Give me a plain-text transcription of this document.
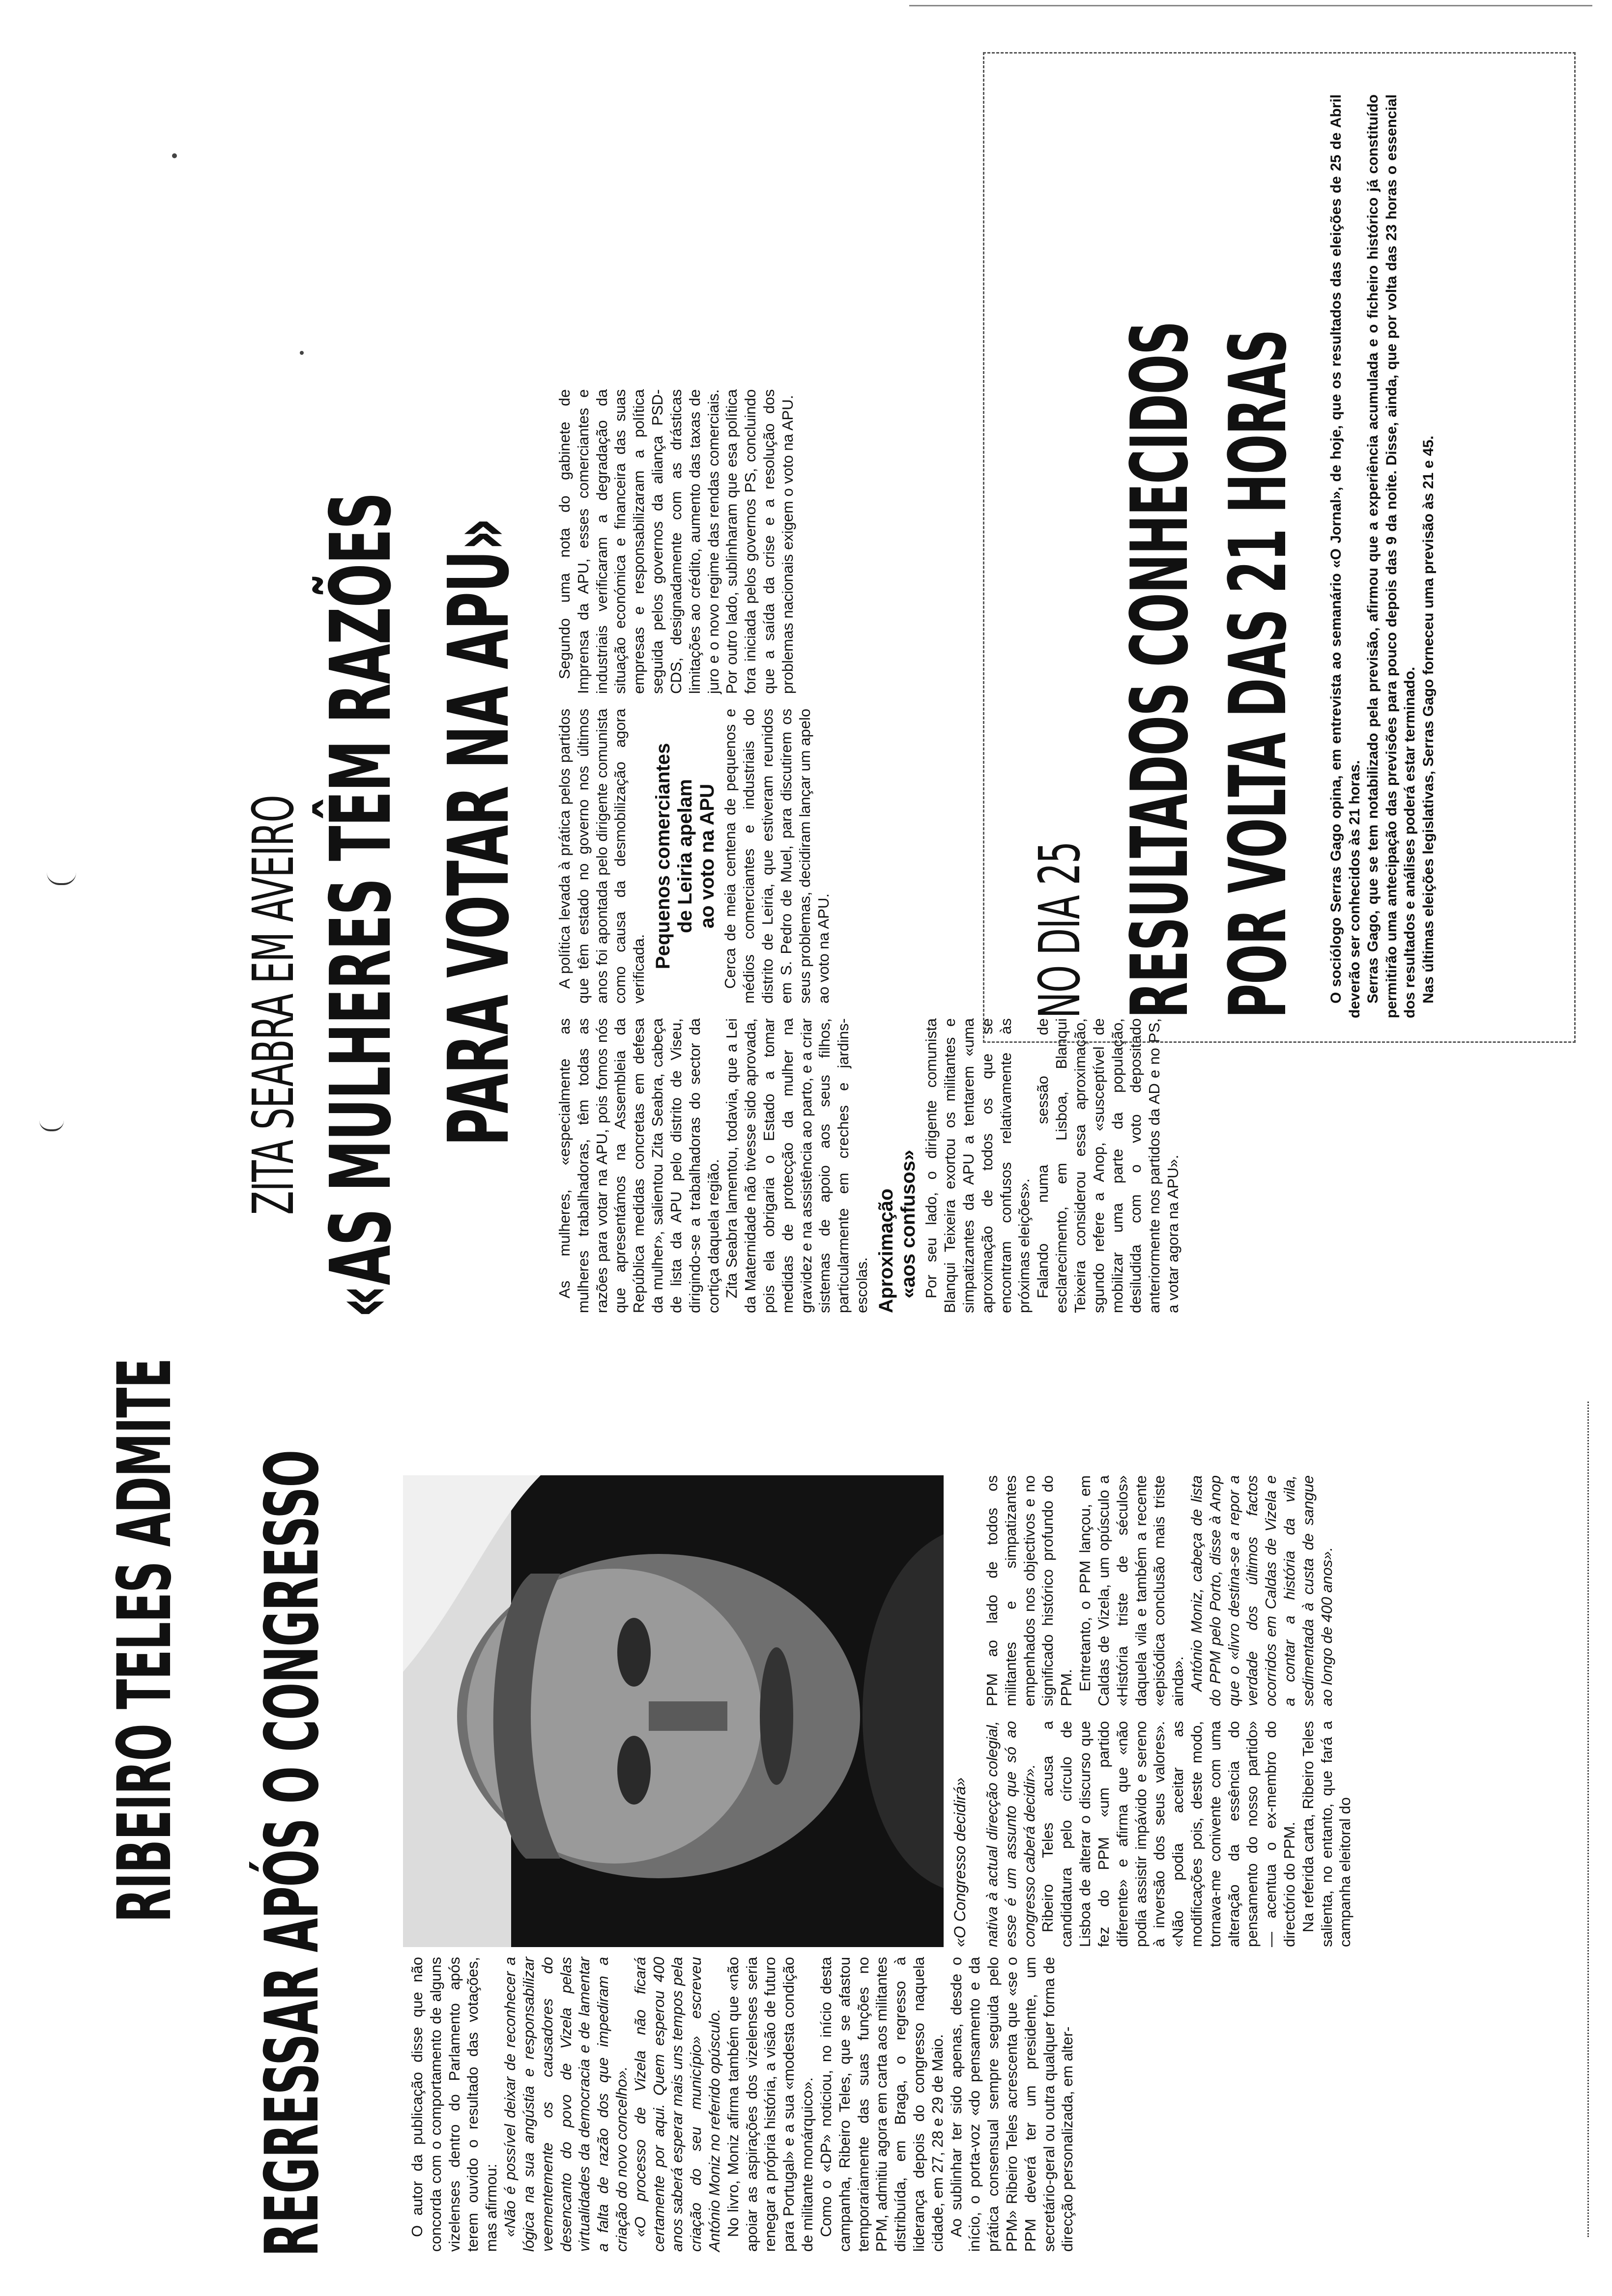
RIBEIRO TELES ADMITE REGRESSAR APÓS O CONGRESSO	«O Congresso decidirá»

O autor da publicação disse que não concorda com o comportamento de alguns vizelenses dentro do Parlamento após terem ouvido o resultado das votações, mas afirmou: «Não é possível deixar de reconhecer a lógica na sua angústia e responsabilizar veementemente os causadores do desencanto do povo de Vizela pelas virtualidades da democracia e de lamentar a falta de razão dos que impediram a criação do novo concelho». «O processo de Vizela não ficará certamente por aqui. Quem esperou 400 anos saberá esperar mais uns tempos pela criação do seu município» escreveu António Moniz no referido opúsculo. No livro, Moniz afirma também que «não apoiar as aspirações dos vizelenses seria renegar a própria história, a visão de futuro para Portugal» e a sua «modesta condição de militante monárquico». Como o «DP» noticiou, no início desta campanha, Ribeiro Teles, que se afastou temporariamente das suas funções no PPM, admitiu agora em carta aos militantes distribuída, em Braga, o regresso à liderança depois do congresso naquela cidade, em 27, 28 e 29 de Maio. Ao sublinhar ter sido apenas, desde o início, o porta-voz «do pensamento e da prática consensual sempre seguida pelo PPM» Ribeiro Teles acrescenta que «se o PPM deverá ter um presidente, um secretário-geral ou outra qualquer forma de direcção personalizada, em alter-

nativa à actual direcção colegial, esse é um assunto que só ao congresso caberá decidir». Ribeiro Teles acusa a candidatura pelo círculo de Lisboa de alterar o discurso que fez do PPM «um partido diferente» e afirma que «não podia assistir impávido e sereno à inversão dos seus valores». «Não podia aceitar as modificações pois, deste modo, tornava-me conivente com uma alteração da essência do pensamento do nosso partido» — acentua o ex-membro do directório do PPM. Na referida carta, Ribeiro Teles salienta, no entanto, que fará a campanha eleitoral do

PPM ao lado de todos os militantes e simpatizantes empenhados nos objectivos e no significado histórico profundo do PPM. Entretanto, o PPM lançou, em Caldas de Vizela, um opúsculo a «História triste de séculos» daquela vila e também a recente «episódica conclusão mais triste ainda». António Moniz, cabeça de lista do PPM pelo Porto, disse à Anop que o «livro destina-se a repor a verdade dos últimos factos ocorridos em Caldas de Vizela e a contar a história da vila, sedimentada à custa de sangue ao longo de 400 anos».

ZITA SEABRA EM AVEIRO «AS MULHERES TÊM RAZÕES PARA VOTAR NA APU»

As mulheres, «especialmente as mulheres trabalhadoras, têm todas as razões para votar na APU, pois fomos nós que apresentámos na Assembleia da República medidas concretas em defesa da mulher», salientou Zita Seabra, cabeça de lista da APU pelo distrito de Viseu, dirigindo-se a trabalhadoras do sector da cortiça daquela região. Zita Seabra lamentou, todavia, que a Lei da Maternidade não tivesse sido aprovada, pois ela obrigaria o Estado a tomar medidas de protecção da mulher na gravidez e na assistência ao parto, e a criar sistemas de apoio aos seus filhos, particularmente em creches e jardins-escolas. Aproximação «aos confusos» Por seu lado, o dirigente comunista Blanqui Teixeira exortou os militantes e simpatizantes da APU a tentarem «uma aproximação de todos os que se encontram confusos relativamente às próximas eleições». Falando numa sessão de esclarecimento, em Lisboa, Blanqui Teixeira considerou essa aproximação, sgundo refere a Anop, «susceptível de mobilizar uma parte da população, desiludida com o voto depositado anteriormente nos partidos da AD e no PS, a votar agora na APU».

A política levada à prática pelos partidos que têm estado no governo nos últimos anos foi apontada pelo dirigente comunista como causa da desmobilização agora verificada. Pequenos comerciantes de Leiria apelam ao voto na APU Cerca de meia centena de pequenos e médios comerciantes e industriais do distrito de Leiria, que estiveram reunidos em S. Pedro de Muel, para discutirem os seus problemas, decidiram lançar um apelo ao voto na APU.

Segundo uma nota do gabinete de Imprensa da APU, esses comerciantes e industriais verificaram a degradação da situação económica e financeira das suas empresas e responsabilizaram a política seguida pelos governos da aliança PSD-CDS, designadamente com as drásticas limitações ao crédito, aumento das taxas de juro e o novo regime das rendas comerciais. Por outro lado, sublinharam que esa política fora iniciada pelos governos PS, concluindo que a saída da crise e a resolução dos problemas nacionais exigem o voto na APU.

NO DIA 25 RESULTADOS CONHECIDOS POR VOLTA DAS 21 HORAS O sociólogo Serras Gago opina, em entrevista ao semanário «O Jornal», de hoje, que os resultados das eleições de 25 de Abril deverão ser conhecidos às 21 horas. Serras Gago, que se tem notabilizado pela previsão, afirmou que a experiência acumulada e o ficheiro histórico já constituído permitirão uma antecipação das previsões para pouco depois das 9 da noite. Disse, ainda, que por volta das 23 horas o essencial dos resultados e análises poderá estar terminado. Nas últimas eleições legislativas, Serras Gago forneceu uma previsão às 21 e 45.
